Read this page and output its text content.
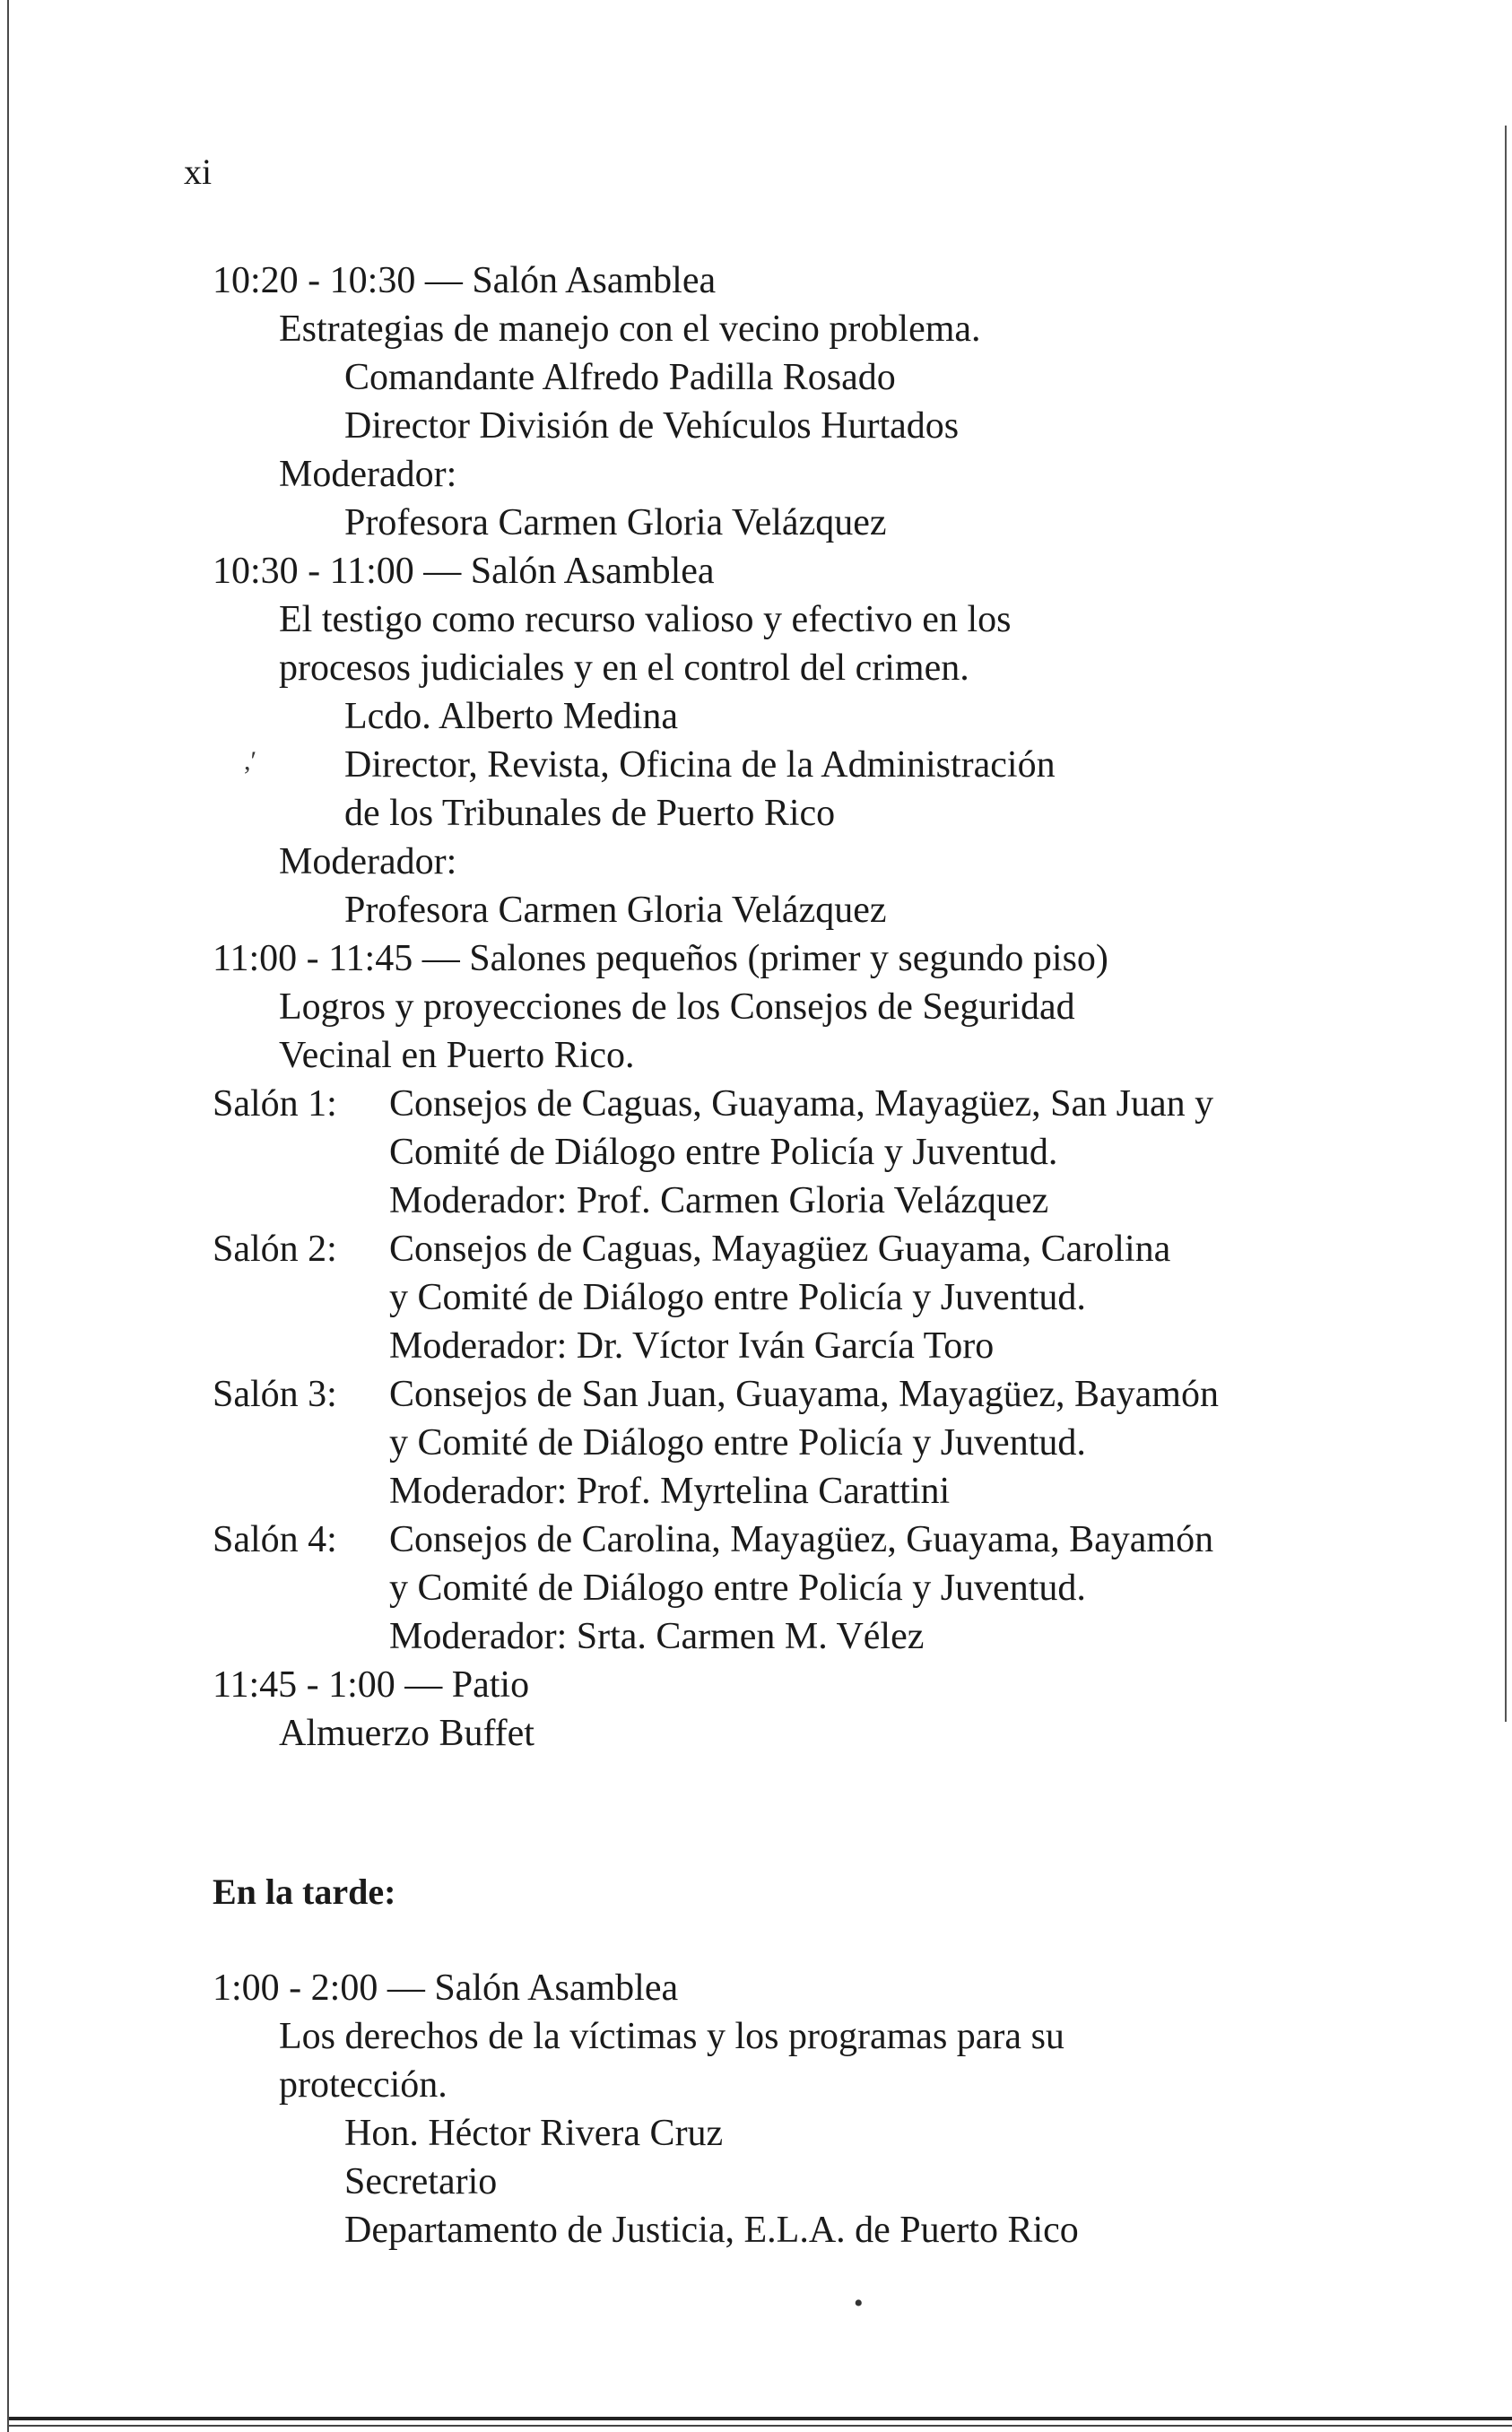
xi
10:20 - 10:30 — Salón Asamblea
Estrategias de manejo con el vecino problema.
Comandante Alfredo Padilla Rosado
Director División de Vehículos Hurtados
Moderador:
Profesora Carmen Gloria Velázquez
10:30 - 11:00 — Salón Asamblea
El testigo como recurso valioso y efectivo en los
procesos judiciales y en el control del crimen.
Lcdo. Alberto Medina
,′ Director, Revista, Oficina de la Administración
de los Tribunales de Puerto Rico
Moderador:
Profesora Carmen Gloria Velázquez
11:00 - 11:45 — Salones pequeños (primer y segundo piso)
Logros y proyecciones de los Consejos de Seguridad
Vecinal en Puerto Rico.
Salón 1: Consejos de Caguas, Guayama, Mayagüez, San Juan y
Comité de Diálogo entre Policía y Juventud.
Moderador: Prof. Carmen Gloria Velázquez
Salón 2: Consejos de Caguas, Mayagüez Guayama, Carolina
y Comité de Diálogo entre Policía y Juventud.
Moderador: Dr. Víctor Iván García Toro
Salón 3: Consejos de San Juan, Guayama, Mayagüez, Bayamón
y Comité de Diálogo entre Policía y Juventud.
Moderador: Prof. Myrtelina Carattini
Salón 4: Consejos de Carolina, Mayagüez, Guayama, Bayamón
y Comité de Diálogo entre Policía y Juventud.
Moderador: Srta. Carmen M. Vélez
11:45 - 1:00 — Patio
Almuerzo Buffet
En la tarde:
1:00 - 2:00 — Salón Asamblea
Los derechos de la víctimas y los programas para su
protección.
Hon. Héctor Rivera Cruz
Secretario
Departamento de Justicia, E.L.A. de Puerto Rico
•
